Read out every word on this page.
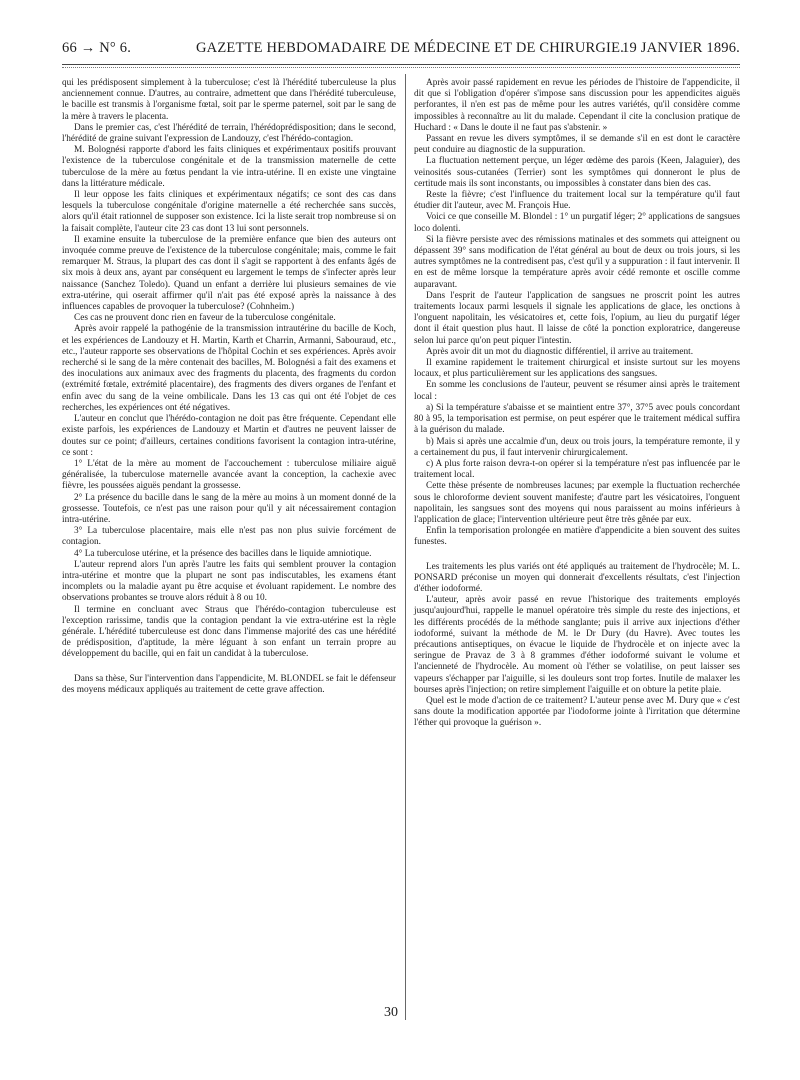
66 → N° 6.	GAZETTE HEBDOMADAIRE DE MÉDECINE ET DE CHIRURGIE.
19 JANVIER 1896.

qui les prédisposent simplement à la tuberculose; c'est là l'hérédité tuberculeuse la plus anciennement connue. D'autres, au contraire, admettent que dans l'hérédité tuberculeuse, le bacille est transmis à l'organisme fœtal, soit par le sperme paternel, soit par le sang de la mère à travers le placenta.

Dans le premier cas, c'est l'hérédité de terrain, l'hérédoprédisposition; dans le second, l'hérédité de graine suivant l'expression de Landouzy, c'est l'hérédo-contagion.

M. Bolognési rapporte d'abord les faits cliniques et expérimentaux positifs prouvant l'existence de la tuberculose congénitale et de la transmission maternelle de cette tuberculose de la mère au fœtus pendant la vie intra-utérine. Il en existe une vingtaine dans la littérature médicale.

Il leur oppose les faits cliniques et expérimentaux négatifs; ce sont des cas dans lesquels la tuberculose congénitale d'origine maternelle a été recherchée sans succès, alors qu'il était rationnel de supposer son existence. Ici la liste serait trop nombreuse si on la faisait complète, l'auteur cite 23 cas dont 13 lui sont personnels.

Il examine ensuite la tuberculose de la première enfance que bien des auteurs ont invoquée comme preuve de l'existence de la tuberculose congénitale; mais, comme le fait remarquer M. Straus, la plupart des cas dont il s'agit se rapportent à des enfants âgés de six mois à deux ans, ayant par conséquent eu largement le temps de s'infecter après leur naissance (Sanchez Toledo). Quand un enfant a derrière lui plusieurs semaines de vie extra-utérine, qui oserait affirmer qu'il n'ait pas été exposé après la naissance à des influences capables de provoquer la tuberculose? (Cohnheim.)

Ces cas ne prouvent donc rien en faveur de la tuberculose congénitale.

Après avoir rappelé la pathogénie de la transmission intrautérine du bacille de Koch, et les expériences de Landouzy et H. Martin, Karth et Charrin, Armanni, Sabouraud, etc., etc., l'auteur rapporte ses observations de l'hôpital Cochin et ses expériences. Après avoir recherché si le sang de la mère contenait des bacilles, M. Bolognési a fait des examens et des inoculations aux animaux avec des fragments du placenta, des fragments du cordon (extrémité fœtale, extrémité placentaire), des fragments des divers organes de l'enfant et enfin avec du sang de la veine ombilicale. Dans les 13 cas qui ont été l'objet de ces recherches, les expériences ont été négatives.

L'auteur en conclut que l'hérédo-contagion ne doit pas être fréquente. Cependant elle existe parfois, les expériences de Landouzy et Martin et d'autres ne peuvent laisser de doutes sur ce point; d'ailleurs, certaines conditions favorisent la contagion intra-utérine, ce sont :

1° L'état de la mère au moment de l'accouchement : tuberculose miliaire aiguë généralisée, la tuberculose maternelle avancée avant la conception, la cachexie avec fièvre, les poussées aiguës pendant la grossesse.

2° La présence du bacille dans le sang de la mère au moins à un moment donné de la grossesse. Toutefois, ce n'est pas une raison pour qu'il y ait nécessairement contagion intra-utérine.

3° La tuberculose placentaire, mais elle n'est pas non plus suivie forcément de contagion.

4° La tuberculose utérine, et la présence des bacilles dans le liquide amniotique.

L'auteur reprend alors l'un après l'autre les faits qui semblent prouver la contagion intra-utérine et montre que la plupart ne sont pas indiscutables, les examens étant incomplets ou la maladie ayant pu être acquise et évoluant rapidement. Le nombre des observations probantes se trouve alors réduit à 8 ou 10.

Il termine en concluant avec Straus que l'hérédo-contagion tuberculeuse est l'exception rarissime, tandis que la contagion pendant la vie extra-utérine est la règle générale. L'hérédité tuberculeuse est donc dans l'immense majorité des cas une hérédité de prédisposition, d'aptitude, la mère léguant à son enfant un terrain propre au développement du bacille, qui en fait un candidat à la tuberculose.

Dans sa thèse, Sur l'intervention dans l'appendicite, M. BLONDEL se fait le défenseur des moyens médicaux appliqués au traitement de cette grave affection.

Après avoir passé rapidement en revue les périodes de l'histoire de l'appendicite, il dit que si l'obligation d'opérer s'impose sans discussion pour les appendicites aiguës perforantes, il n'en est pas de même pour les autres variétés, qu'il considère comme impossibles à reconnaître au lit du malade. Cependant il cite la conclusion pratique de Huchard : « Dans le doute il ne faut pas s'abstenir. »

Passant en revue les divers symptômes, il se demande s'il en est dont le caractère peut conduire au diagnostic de la suppuration.

La fluctuation nettement perçue, un léger œdème des parois (Keen, Jalaguier), des veinosités sous-cutanées (Terrier) sont les symptômes qui donneront le plus de certitude mais ils sont inconstants, ou impossibles à constater dans bien des cas.

Reste la fièvre; c'est l'influence du traitement local sur la température qu'il faut étudier dit l'auteur, avec M. François Hue.

Voici ce que conseille M. Blondel : 1° un purgatif léger; 2° applications de sangsues loco dolenti.

Si la fièvre persiste avec des rémissions matinales et des sommets qui atteignent ou dépassent 39° sans modification de l'état général au bout de deux ou trois jours, si les autres symptômes ne la contredisent pas, c'est qu'il y a suppuration : il faut intervenir. Il en est de même lorsque la température après avoir cédé remonte et oscille comme auparavant.

Dans l'esprit de l'auteur l'application de sangsues ne proscrit point les autres traitements locaux parmi lesquels il signale les applications de glace, les onctions à l'onguent napolitain, les vésicatoires et, cette fois, l'opium, au lieu du purgatif léger dont il était question plus haut. Il laisse de côté la ponction exploratrice, dangereuse selon lui parce qu'on peut piquer l'intestin.

Après avoir dit un mot du diagnostic différentiel, il arrive au traitement.

Il examine rapidement le traitement chirurgical et insiste surtout sur les moyens locaux, et plus particulièrement sur les applications des sangsues.

En somme les conclusions de l'auteur, peuvent se résumer ainsi après le traitement local :

a) Si la température s'abaisse et se maintient entre 37°, 37°5 avec pouls concordant 80 à 95, la temporisation est permise, on peut espérer que le traitement médical suffira à la guérison du malade.

b) Mais si après une accalmie d'un, deux ou trois jours, la température remonte, il y a certainement du pus, il faut intervenir chirurgicalement.

c) A plus forte raison devra-t-on opérer si la température n'est pas influencée par le traitement local.

Cette thèse présente de nombreuses lacunes; par exemple la fluctuation recherchée sous le chloroforme devient souvent manifeste; d'autre part les vésicatoires, l'onguent napolitain, les sangsues sont des moyens qui nous paraissent au moins inférieurs à l'application de glace; l'intervention ultérieure peut être très gênée par eux.

Enfin la temporisation prolongée en matière d'appendicite a bien souvent des suites funestes.

Les traitements les plus variés ont été appliqués au traitement de l'hydrocèle; M. L. PONSARD préconise un moyen qui donnerait d'excellents résultats, c'est l'injection d'éther iodoformé.

L'auteur, après avoir passé en revue l'historique des traitements employés jusqu'aujourd'hui, rappelle le manuel opératoire très simple du reste des injections, et les différents procédés de la méthode sanglante; puis il arrive aux injections d'éther iodoformé, suivant la méthode de M. le Dr Dury (du Havre). Avec toutes les précautions antiseptiques, on évacue le liquide de l'hydrocèle et on injecte avec la seringue de Pravaz de 3 à 8 grammes d'éther iodoformé suivant le volume et l'ancienneté de l'hydrocèle. Au moment où l'éther se volatilise, on peut laisser ses vapeurs s'échapper par l'aiguille, si les douleurs sont trop fortes. Inutile de malaxer les bourses après l'injection; on retire simplement l'aiguille et on obture la petite plaie.

Quel est le mode d'action de ce traitement? L'auteur pense avec M. Dury que « c'est sans doute la modification apportée par l'iodoforme jointe à l'irritation que détermine l'éther qui provoque la guérison ».

30
